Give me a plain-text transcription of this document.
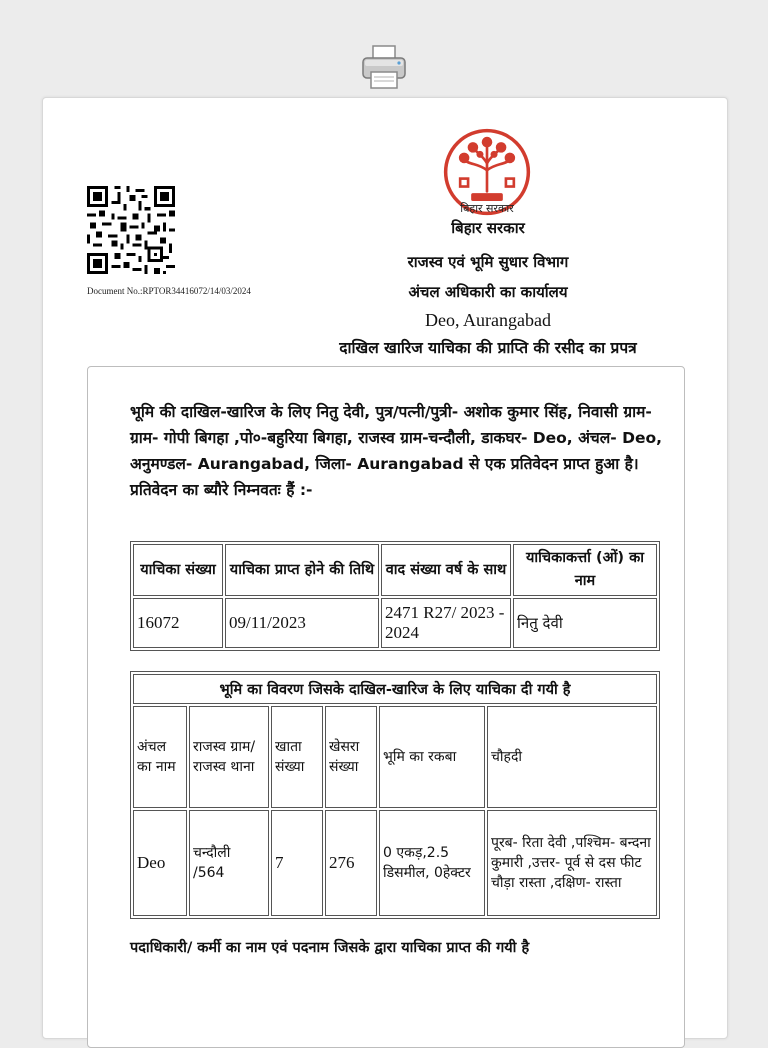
Document No.:RPTOR34416072/14/03/2024
बिहार सरकार
बिहार सरकार
राजस्व एवं भूमि सुधार विभाग
अंचल अधिकारी का कार्यालय
Deo, Aurangabad
दाखिल खारिज याचिका की प्राप्ति की रसीद का प्रपत्र

भूमि की दाखिल-खारिज के लिए नितु देवी, पुत्र/पत्नी/पुत्री- अशोक कुमार सिंह, निवासी ग्राम- ग्राम- गोपी बिगहा ,पो०-बहुरिया बिगहा, राजस्व ग्राम-चन्दौली, डाकघर- Deo, अंचल- Deo, अनुमण्डल- Aurangabad, जिला- Aurangabad से एक प्रतिवेदन प्राप्त हुआ है। प्रतिवेदन का ब्यौरे निम्नवतः हैं :-

याचिका संख्या	याचिका प्राप्त होने की तिथि	वाद संख्या वर्ष के साथ	याचिकाकर्त्ता (ओं) का नाम
16072	09/11/2023	2471 R27/ 2023 - 2024	नितु देवी
भूमि का विवरण जिसके दाखिल-खारिज के लिए याचिका दी गयी है					
अंचल का नाम	राजस्व ग्राम/ राजस्व थाना	खाता संख्या	खेसरा संख्या	भूमि का रकबा	चौहदी
Deo	चन्दौली /564	7	276	0 एकड़,2.5 डिसमील, 0हेक्टर	पूरब- रिता देवी ,पश्चिम- बन्दना कुमारी ,उत्तर- पूर्व से दस फीट चौड़ा रास्ता ,दक्षिण- रास्ता

पदाधिकारी/ कर्मी का नाम एवं पदनाम जिसके द्वारा याचिका प्राप्त की गयी है
